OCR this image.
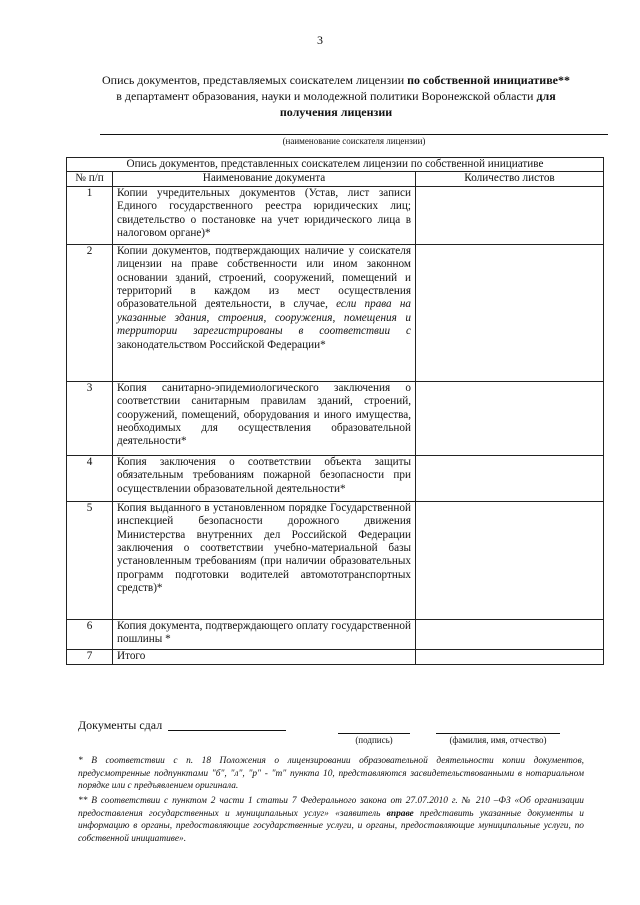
3
Опись документов, представляемых соискателем лицензии по собственной инициативе**
в департамент образования, науки и молодежной политики Воронежской области для
получения лицензии
(наименование соискателя лицензии)
Опись документов, представленных соискателем лицензии по собственной инициативе		
№ п/п	Наименование документа	Количество листов
1	Копии учредительных документов (Устав, лист записи Единого государственного реестра юридических лиц; свидетельство о постановке на учет юридического лица в налоговом органе)*	
2	Копии документов, подтверждающих наличие у соискателя лицензии на праве собственности или ином законном основании зданий, строений, сооружений, помещений и территорий в каждом из мест осуществления образовательной деятельности, в случае, если права на указанные здания, строения, сооружения, помещения и территории зарегистрированы в соответствии с законодательством Российской Федерации*	
3	Копия санитарно-эпидемиологического заключения о соответствии санитарным правилам зданий, строений, сооружений, помещений, оборудования и иного имущества, необходимых для осуществления образовательной деятельности*	
4	Копия заключения о соответствии объекта защиты обязательным требованиям пожарной безопасности при осуществлении образовательной деятельности*	
5	Копия выданного в установленном порядке Государственной инспекцией безопасности дорожного движения Министерства внутренних дел Российской Федерации заключения о соответствии учебно-материальной базы установленным требованиям (при наличии образовательных программ подготовки водителей автомототранспортных средств)*	
6	Копия документа, подтверждающего оплату государственной пошлины *	
7	Итого	
Документы сдал
(подпись)	(фамилия, имя, отчество)
* В соответствии с п. 18 Положения о лицензировании образовательной деятельности копии документов, предусмотренные подпунктами "б", "л", "р" - "т" пункта 10, представляются засвидетельствованными в нотариальном порядке или с предъявлением оригинала.
** В соответствии с пунктом 2 части 1 статьи 7 Федерального закона от 27.07.2010 г. № 210 –ФЗ «Об организации предоставления государственных и муниципальных услуг» «заявитель вправе представить указанные документы и информацию в органы, предоставляющие государственные услуги, и органы, предоставляющие муниципальные услуги, по собственной инициативе».
